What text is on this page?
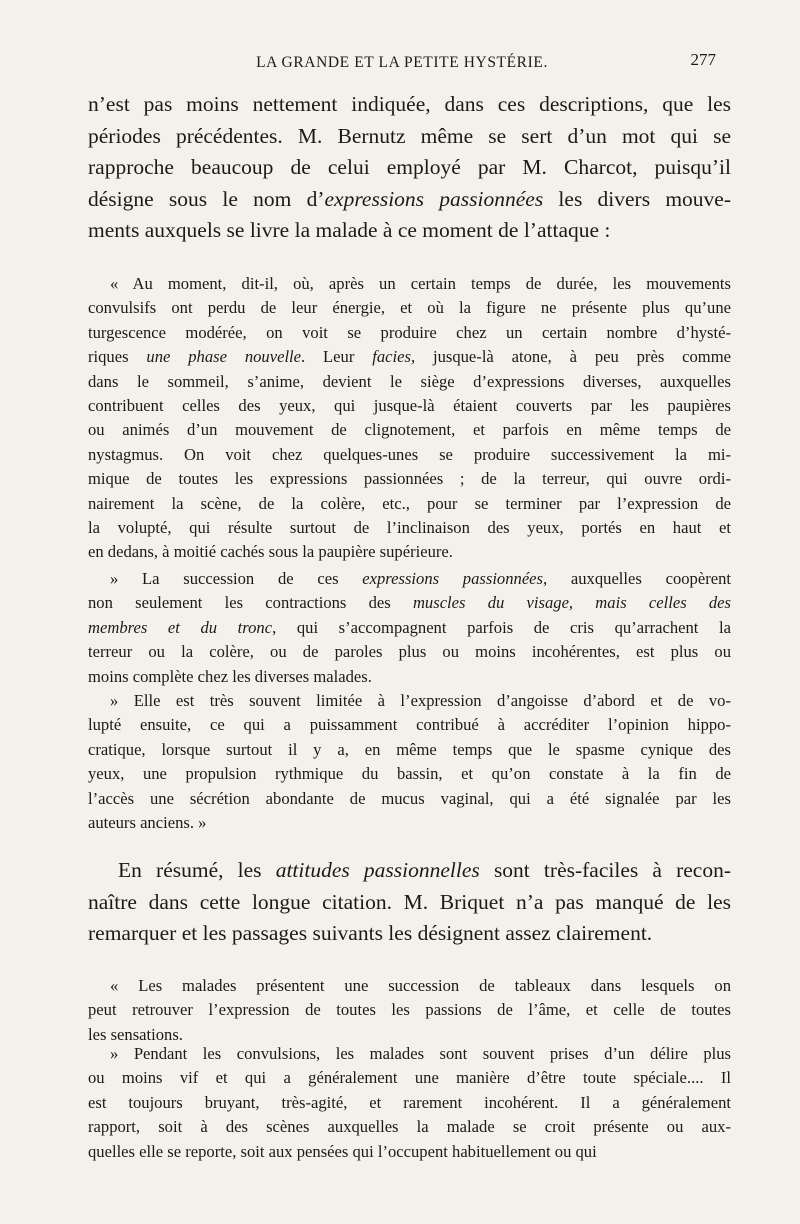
LA GRANDE ET LA PETITE HYSTÉRIE.	277
n’est pas moins nettement indiquée, dans ces descriptions, que les
périodes précédentes. M. Bernutz même se sert d’un mot qui se
rapproche beaucoup de celui employé par M. Charcot, puisqu’il
désigne sous le nom d’expressions passionnées les divers mouve-
ments auxquels se livre la malade à ce moment de l’attaque :
« Au moment, dit-il, où, après un certain temps de durée, les mouvements
convulsifs ont perdu de leur énergie, et où la figure ne présente plus qu’une
turgescence modérée, on voit se produire chez un certain nombre d’hysté-
riques une phase nouvelle. Leur facies, jusque-là atone, à peu près comme
dans le sommeil, s’anime, devient le siège d’expressions diverses, auxquelles
contribuent celles des yeux, qui jusque-là étaient couverts par les paupières
ou animés d’un mouvement de clignotement, et parfois en même temps de
nystagmus. On voit chez quelques-unes se produire successivement la mi-
mique de toutes les expressions passionnées ; de la terreur, qui ouvre ordi-
nairement la scène, de la colère, etc., pour se terminer par l’expression de
la volupté, qui résulte surtout de l’inclinaison des yeux, portés en haut et
en dedans, à moitié cachés sous la paupière supérieure.
» La succession de ces expressions passionnées, auxquelles coopèrent
non seulement les contractions des muscles du visage, mais celles des
membres et du tronc, qui s’accompagnent parfois de cris qu’arrachent la
terreur ou la colère, ou de paroles plus ou moins incohérentes, est plus ou
moins complète chez les diverses malades.
» Elle est très souvent limitée à l’expression d’angoisse d’abord et de vo-
lupté ensuite, ce qui a puissamment contribué à accréditer l’opinion hippo-
cratique, lorsque surtout il y a, en même temps que le spasme cynique des
yeux, une propulsion rythmique du bassin, et qu’on constate à la fin de
l’accès une sécrétion abondante de mucus vaginal, qui a été signalée par les
auteurs anciens. »
En résumé, les attitudes passionnelles sont très-faciles à recon-
naître dans cette longue citation. M. Briquet n’a pas manqué de les
remarquer et les passages suivants les désignent assez clairement.
« Les malades présentent une succession de tableaux dans lesquels on
peut retrouver l’expression de toutes les passions de l’âme, et celle de toutes
les sensations.
» Pendant les convulsions, les malades sont souvent prises d’un délire plus
ou moins vif et qui a généralement une manière d’être toute spéciale.... Il
est toujours bruyant, très-agité, et rarement incohérent. Il a généralement
rapport, soit à des scènes auxquelles la malade se croit présente ou aux-
quelles elle se reporte, soit aux pensées qui l’occupent habituellement ou qui
